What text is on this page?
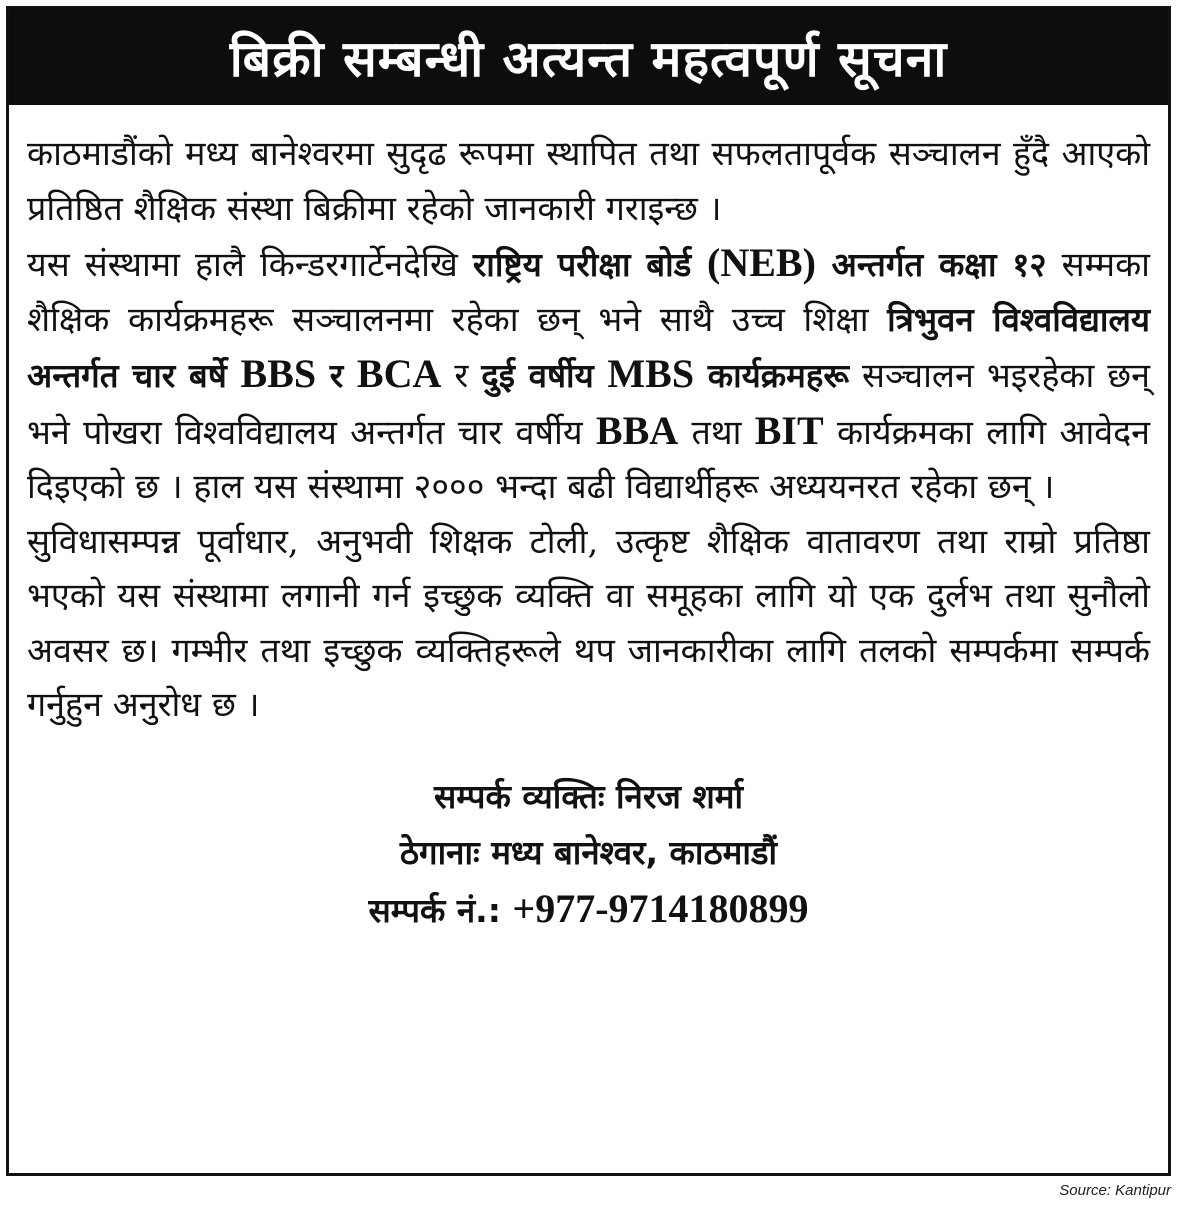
बिक्री सम्बन्धी अत्यन्त महत्वपूर्ण सूचना

काठमाडौंको मध्य बानेश्वरमा सुदृढ रूपमा स्थापित तथा सफलतापूर्वक सञ्चालन हुँदै आएको प्रतिष्ठित शैक्षिक संस्था बिक्रीमा रहेको जानकारी गराइन्छ ।

यस संस्थामा हालै किन्डरगार्टेनदेखि राष्ट्रिय परीक्षा बोर्ड (NEB) अन्तर्गत कक्षा १२ सम्मका शैक्षिक कार्यक्रमहरू सञ्चालनमा रहेका छन् भने साथै उच्च शिक्षा त्रिभुवन विश्वविद्यालय अन्तर्गत चार बर्षे BBS र BCA र दुई वर्षीय MBS कार्यक्रमहरू सञ्चालन भइरहेका छन् भने पोखरा विश्वविद्यालय अन्तर्गत चार वर्षीय BBA तथा BIT कार्यक्रमका लागि आवेदन दिइएको छ । हाल यस संस्थामा २००० भन्दा बढी विद्यार्थीहरू अध्ययनरत रहेका छन् ।

सुविधासम्पन्न पूर्वाधार, अनुभवी शिक्षक टोली, उत्कृष्ट शैक्षिक वातावरण तथा राम्रो प्रतिष्ठा भएको यस संस्थामा लगानी गर्न इच्छुक व्यक्ति वा समूहका लागि यो एक दुर्लभ तथा सुनौलो अवसर छ। गम्भीर तथा इच्छुक व्यक्तिहरूले थप जानकारीका लागि तलको सम्पर्कमा सम्पर्क गर्नुहुन अनुरोध छ ।

सम्पर्क व्यक्तिः निरज शर्मा
ठेगानाः मध्य बानेश्वर, काठमाडौं
सम्पर्क नं.: +977-9714180899
Source: Kantipur
